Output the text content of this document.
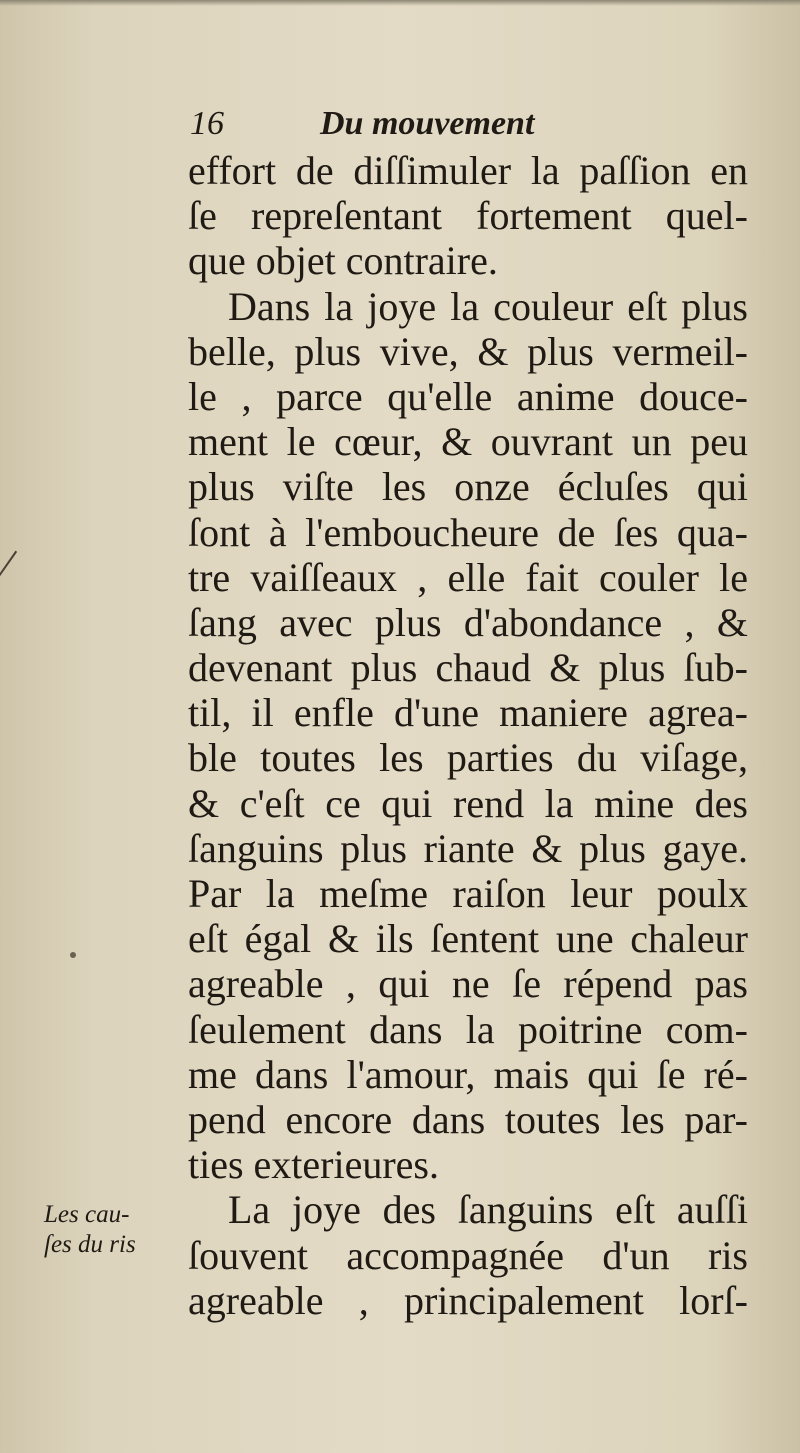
16	Du mouvement
effort de diſſimuler la paſſion en
ſe repreſentant fortement quel-
que objet contraire.
Dans la joye la couleur eſt plus
belle, plus vive, & plus vermeil-
le , parce qu'elle anime douce-
ment le cœur, & ouvrant un peu
plus viſte les onze écluſes qui
ſont à l'emboucheure de ſes qua-
tre vaiſſeaux , elle fait couler le
ſang avec plus d'abondance , &
devenant plus chaud & plus ſub-
til, il enfle d'une maniere agrea-
ble toutes les parties du viſage,
& c'eſt ce qui rend la mine des
ſanguins plus riante & plus gaye.
Par la meſme raiſon leur poulx
eſt égal & ils ſentent une chaleur
agreable , qui ne ſe répend pas
ſeulement dans la poitrine com-
me dans l'amour, mais qui ſe ré-
pend encore dans toutes les par-
ties exterieures.
La joye des ſanguins eſt auſſi
ſouvent accompagnée d'un ris
agreable , principalement lorſ-
Les cau-
ſes du ris
